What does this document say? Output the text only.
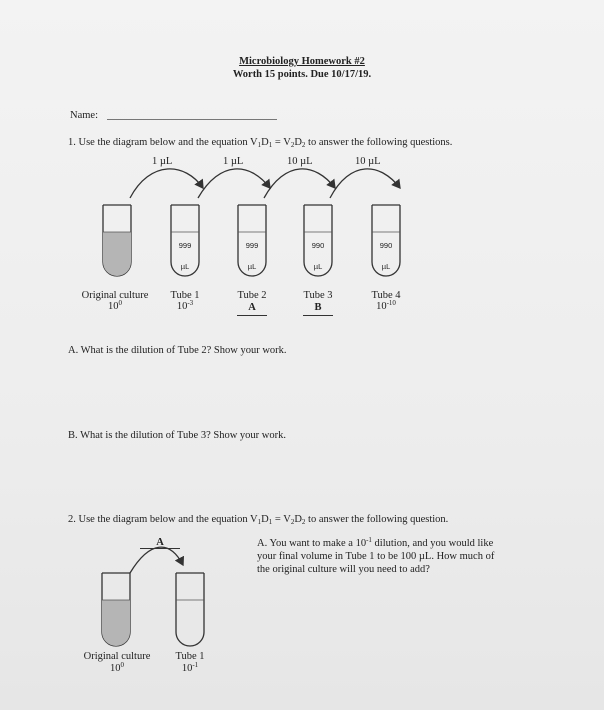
Microbiology Homework #2
Worth 15 points. Due 10/17/19.
Name:
1. Use the diagram below and the equation $V_1D_1 = V_2D_2$ to answer the following questions.
1 µL	1 µL	10 µL	10 µL
999
µL
999
µL
990
µL
990
µL
Original culture
$10^0$
Tube 1
$10^{-3}$
Tube 2
A
Tube 3
B
Tube 4
$10^{-10}$
A. What is the dilution of Tube 2? Show your work.
B. What is the dilution of Tube 3? Show your work.
2. Use the diagram below and the equation $V_1D_1 = V_2D_2$ to answer the following question.
A	A. You want to make a $10^{-1}$ dilution, and you would like
your final volume in Tube 1 to be 100 µL. How much of
the original culture will you need to add?
Original culture
$10^0$
Tube 1
$10^{-1}$
